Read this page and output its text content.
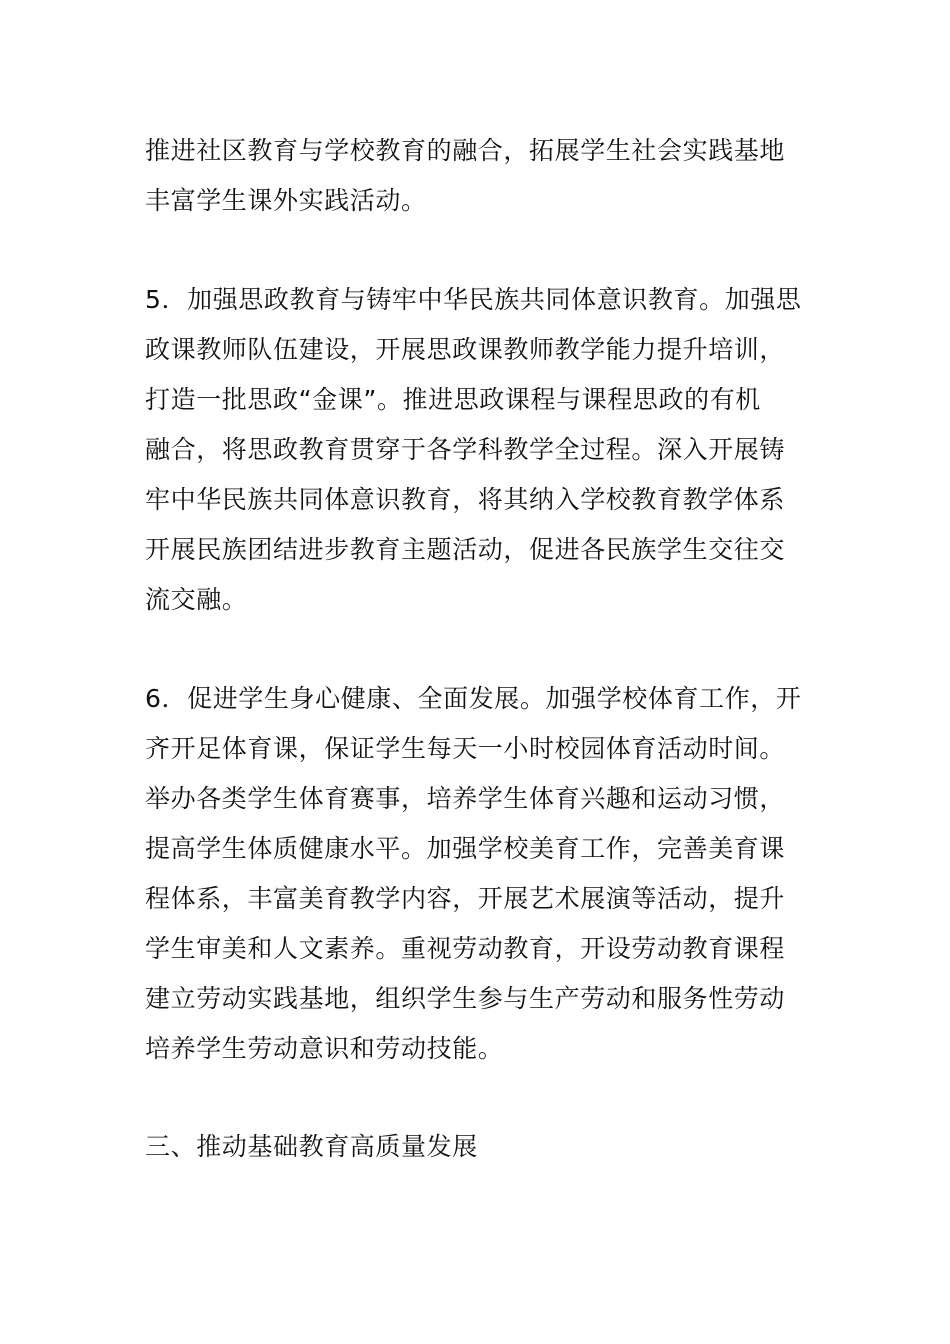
推进社区教育与学校教育的融合，拓展学生社会实践基地
丰富学生课外实践活动。
5．加强思政教育与铸牢中华民族共同体意识教育。加强思
政课教师队伍建设，开展思政课教师教学能力提升培训，
打造一批思政“金课”。推进思政课程与课程思政的有机
融合，将思政教育贯穿于各学科教学全过程。深入开展铸
牢中华民族共同体意识教育，将其纳入学校教育教学体系
开展民族团结进步教育主题活动，促进各民族学生交往交
流交融。
6．促进学生身心健康、全面发展。加强学校体育工作，开
齐开足体育课，保证学生每天一小时校园体育活动时间。
举办各类学生体育赛事，培养学生体育兴趣和运动习惯，
提高学生体质健康水平。加强学校美育工作，完善美育课
程体系，丰富美育教学内容，开展艺术展演等活动，提升
学生审美和人文素养。重视劳动教育，开设劳动教育课程
建立劳动实践基地，组织学生参与生产劳动和服务性劳动
培养学生劳动意识和劳动技能。
三、推动基础教育高质量发展
